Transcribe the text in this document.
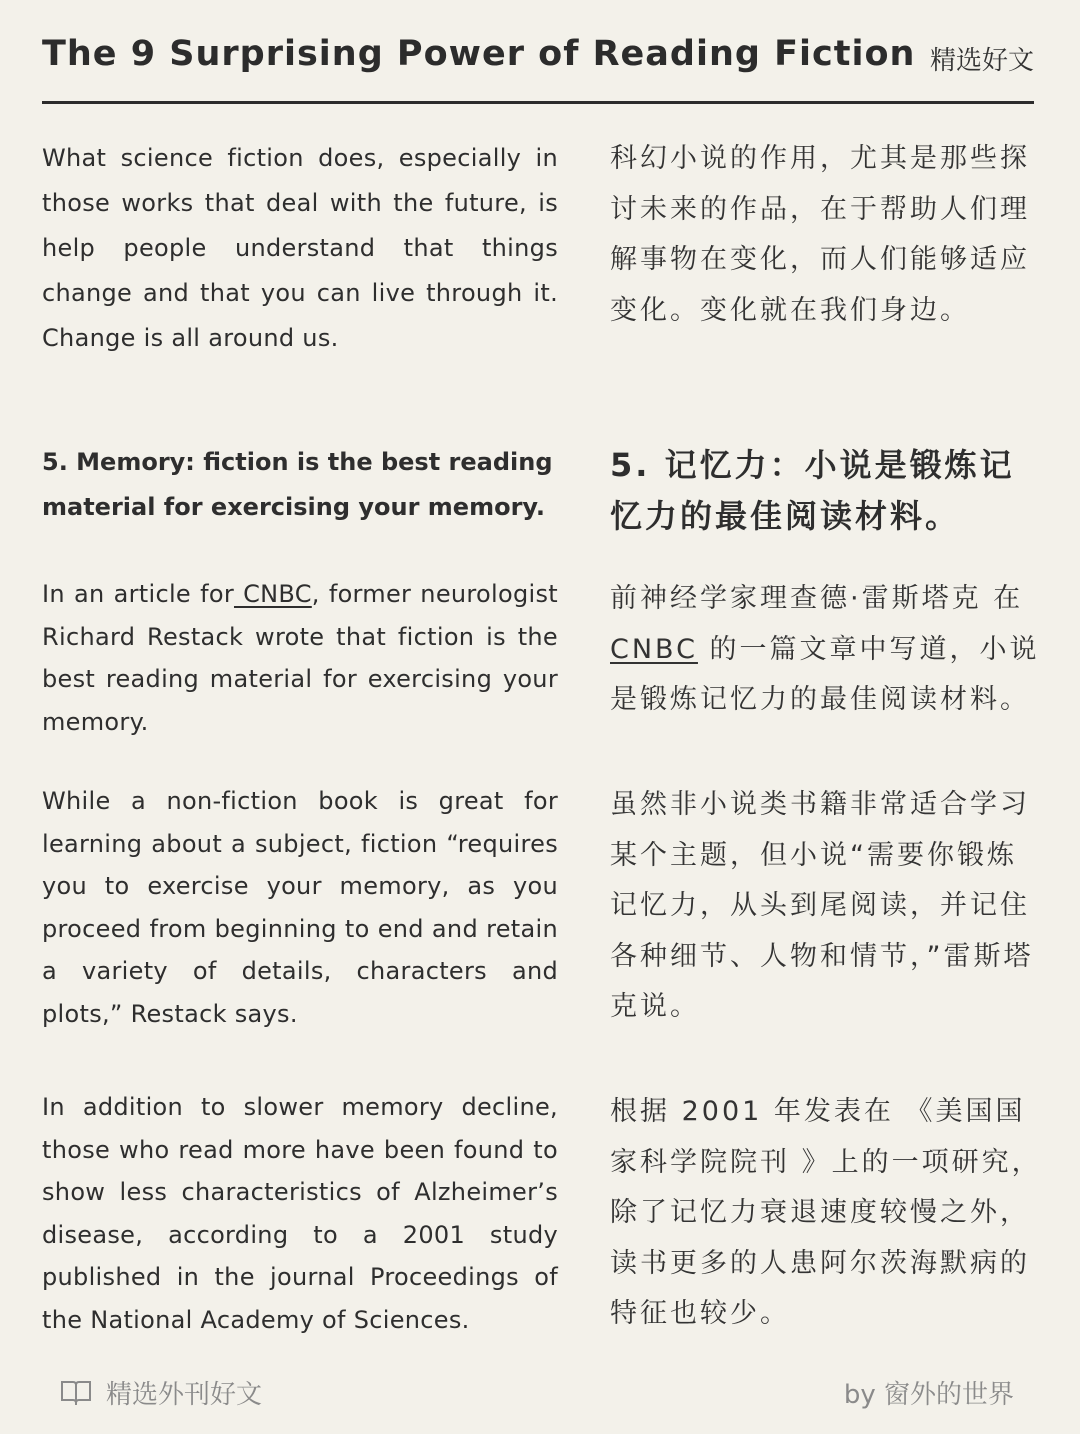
The 9 Surprising Power of Reading Fiction 精选好文
What science fiction does, especially in those works that deal with the future, is help people understand that things change and that you can live through it. Change is all around us.
科幻小说的作用，尤其是那些探讨未来的作品，在于帮助人们理解事物在变化，而人们能够适应变化。变化就在我们身边。
5. Memory: fiction is the best reading material for exercising your memory.
5. 记忆力：小说是锻炼记忆力的最佳阅读材料。
In an article for CNBC, former neurologist Richard Restack wrote that fiction is the best reading material for exercising your memory.
前神经学家理查德·雷斯塔克 在 CNBC 的一篇文章中写道，小说是锻炼记忆力的最佳阅读材料。
While a non-fiction book is great for learning about a subject, fiction “requires you to exercise your memory, as you proceed from beginning to end and retain a variety of details, characters and plots,” Restack says.
虽然非小说类书籍非常适合学习某个主题，但小说“需要你锻炼记忆力，从头到尾阅读，并记住各种细节、人物和情节，”雷斯塔克说。
In addition to slower memory decline, those who read more have been found to show less characteristics of Alzheimer’s disease, according to a 2001 study published in the journal Proceedings of the National Academy of Sciences.
根据 2001 年发表在 《美国国家科学院院刊 》上的一项研究，除了记忆力衰退速度较慢之外，读书更多的人患阿尔茨海默病的特征也较少。
精选外刊好文	by 窗外的世界
